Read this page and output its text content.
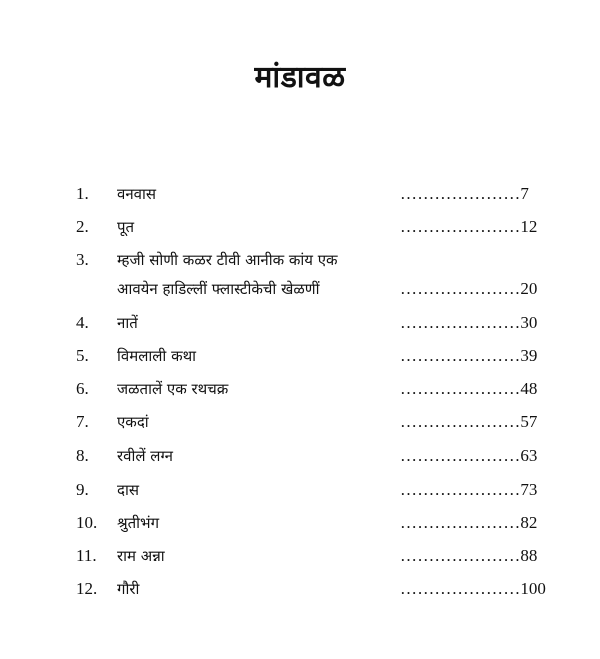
मांडावळ
1.	वनवास	…………………7
2.	पूत	…………………12
3.	म्हजी सोणी कळर टीवी आनीक कांय एक
आवयेन हाडिल्लीं फ्लास्टीकेची खेळणीं	…………………20
4.	नातें	…………………30
5.	विमलाली कथा	…………………39
6.	जळतालें एक रथचक्र	…………………48
7.	एकदां	…………………57
8.	रवीलें लग्न	…………………63
9.	दास	…………………73
10.	श्रुतीभंग	…………………82
11.	राम अन्ना	…………………88
12.	गौरी	…………………100
